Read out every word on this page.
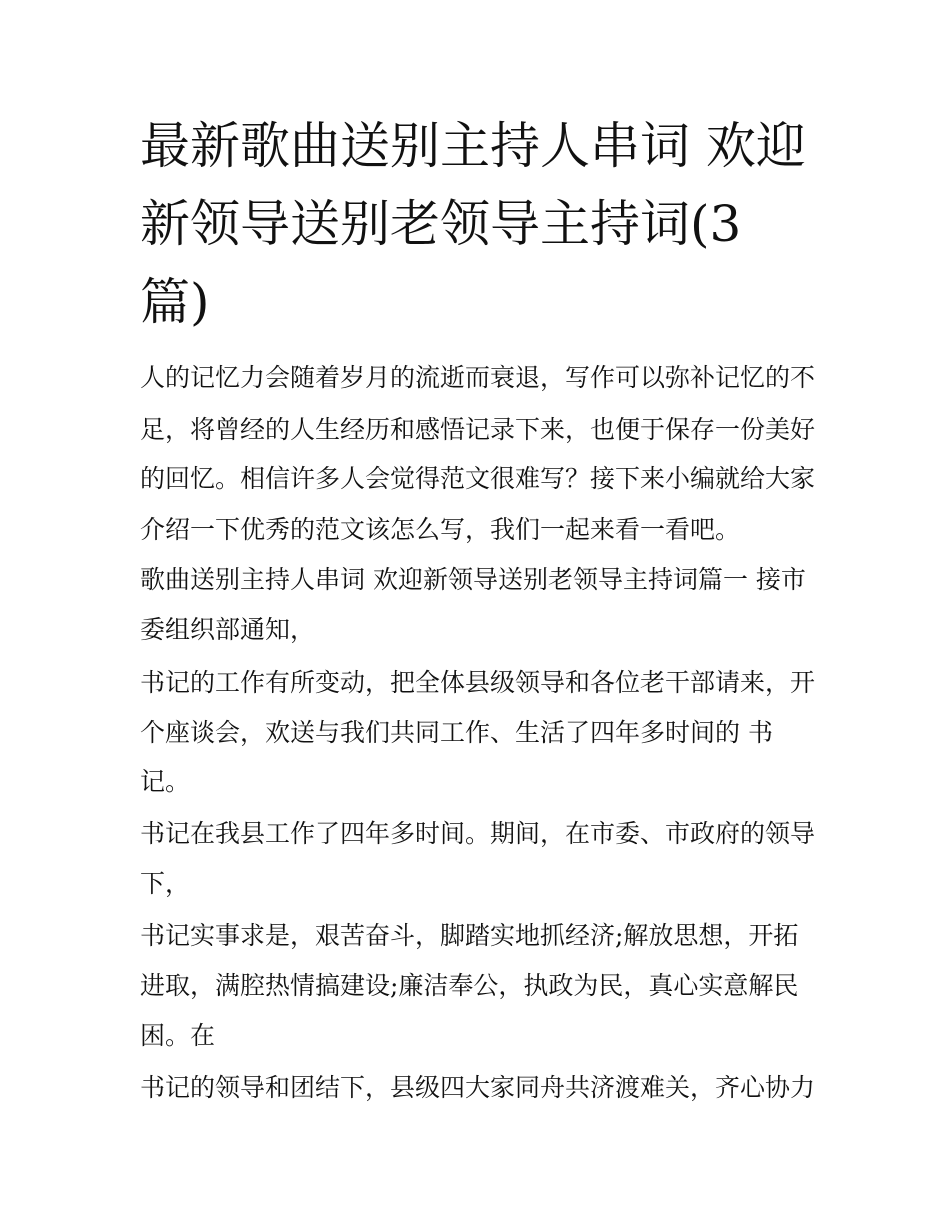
最新歌曲送别主持人串词 欢迎
新领导送别老领导主持词(3
篇)

人的记忆力会随着岁月的流逝而衰退，写作可以弥补记忆的不

足，将曾经的人生经历和感悟记录下来，也便于保存一份美好

的回忆。相信许多人会觉得范文很难写？接下来小编就给大家

介绍一下优秀的范文该怎么写，我们一起来看一看吧。

歌曲送别主持人串词 欢迎新领导送别老领导主持词篇一 接市

委组织部通知，

书记的工作有所变动，把全体县级领导和各位老干部请来，开

个座谈会，欢送与我们共同工作、生活了四年多时间的 书

记。

书记在我县工作了四年多时间。期间，在市委、市政府的领导

下，

书记实事求是，艰苦奋斗，脚踏实地抓经济;解放思想，开拓

进取，满腔热情搞建设;廉洁奉公，执政为民，真心实意解民

困。在

书记的领导和团结下，县级四大家同舟共济渡难关，齐心协力
